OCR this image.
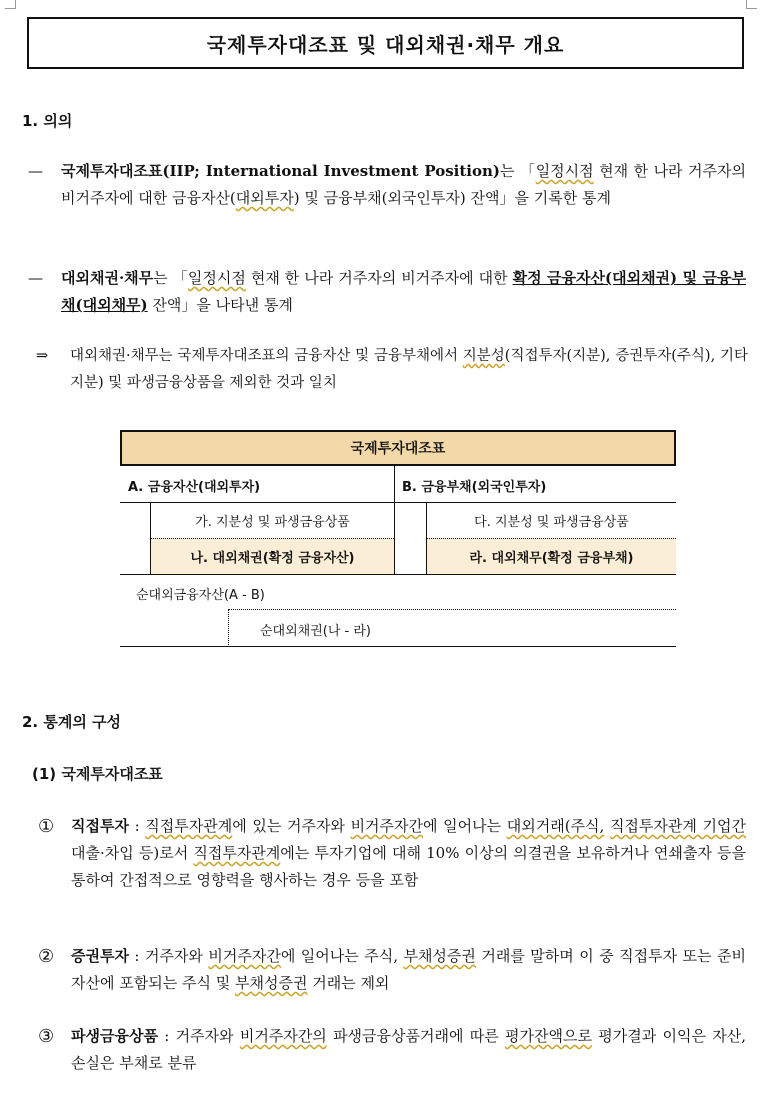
국제투자대조표 및 대외채권·채무 개요
1. 의의
— 국제투자대조표(IIP; International Investment Position)는 「일정시점 현재 한 나라 거주자의 비거주자에 대한 금융자산(대외투자) 및 금융부채(외국인투자) 잔액」을 기록한 통계
— 대외채권·채무는 「일정시점 현재 한 나라 거주자의 비거주자에 대한 확정 금융자산(대외채권) 및 금융부채(대외채무) 잔액」을 나타낸 통계
⇒ 대외채권·채무는 국제투자대조표의 금융자산 및 금융부채에서 지분성(직접투자(지분), 증권투자(주식), 기타지분) 및 파생금융상품을 제외한 것과 일치
국제투자대조표
A. 금융자산(대외투자)	B. 금융부채(외국인투자)
가. 지분성 및 파생금융상품
나. 대외채권(확정 금융자산)
다. 지분성 및 파생금융상품
라. 대외채무(확정 금융부채)
순대외금융자산(A - B)
순대외채권(나 - 라)
2. 통계의 구성
(1) 국제투자대조표
① 직접투자 : 직접투자관계에 있는 거주자와 비거주자간에 일어나는 대외거래(주식, 직접투자관계 기업간 대출·차입 등)로서 직접투자관계에는 투자기업에 대해 10% 이상의 의결권을 보유하거나 연쇄출자 등을 통하여 간접적으로 영향력을 행사하는 경우 등을 포함
② 증권투자 : 거주자와 비거주자간에 일어나는 주식, 부채성증권 거래를 말하며 이 중 직접투자 또는 준비자산에 포함되는 주식 및 부채성증권 거래는 제외
③ 파생금융상품 : 거주자와 비거주자간의 파생금융상품거래에 따른 평가잔액으로 평가결과 이익은 자산, 손실은 부채로 분류
